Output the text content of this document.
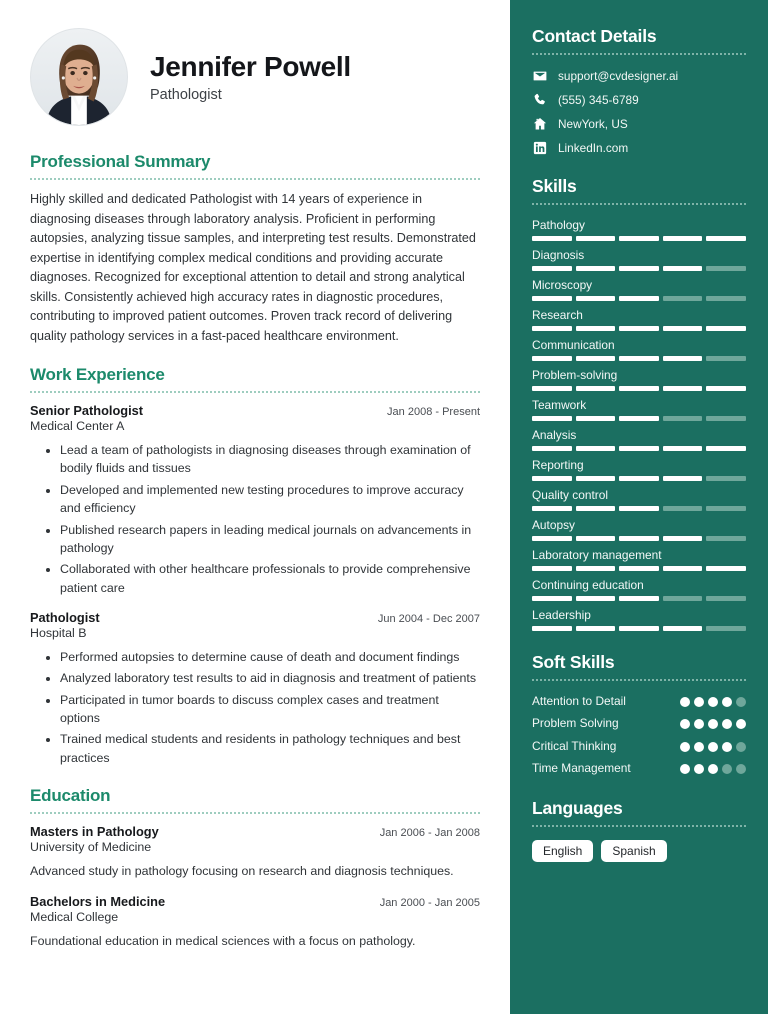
Jennifer Powell
Pathologist
Professional Summary
Highly skilled and dedicated Pathologist with 14 years of experience in diagnosing diseases through laboratory analysis. Proficient in performing autopsies, analyzing tissue samples, and interpreting test results. Demonstrated expertise in identifying complex medical conditions and providing accurate diagnoses. Recognized for exceptional attention to detail and strong analytical skills. Consistently achieved high accuracy rates in diagnostic procedures, contributing to improved patient outcomes. Proven track record of delivering quality pathology services in a fast-paced healthcare environment.
Work Experience
Senior Pathologist	Jan 2008 - Present
Medical Center A
• Lead a team of pathologists in diagnosing diseases through examination of bodily fluids and tissues
• Developed and implemented new testing procedures to improve accuracy and efficiency
• Published research papers in leading medical journals on advancements in pathology
• Collaborated with other healthcare professionals to provide comprehensive patient care
Pathologist	Jun 2004 - Dec 2007
Hospital B
• Performed autopsies to determine cause of death and document findings
• Analyzed laboratory test results to aid in diagnosis and treatment of patients
• Participated in tumor boards to discuss complex cases and treatment options
• Trained medical students and residents in pathology techniques and best practices
Education
Masters in Pathology	Jan 2006 - Jan 2008
University of Medicine
Advanced study in pathology focusing on research and diagnosis techniques.
Bachelors in Medicine	Jan 2000 - Jan 2005
Medical College
Foundational education in medical sciences with a focus on pathology.
Contact Details
support@cvdesigner.ai
(555) 345-6789
NewYork, US
LinkedIn.com
Skills
Pathology
Diagnosis
Microscopy
Research
Communication
Problem-solving
Teamwork
Analysis
Reporting
Quality control
Autopsy
Laboratory management
Continuing education
Leadership
Soft Skills
Attention to Detail
Problem Solving
Critical Thinking
Time Management
Languages
English	Spanish
